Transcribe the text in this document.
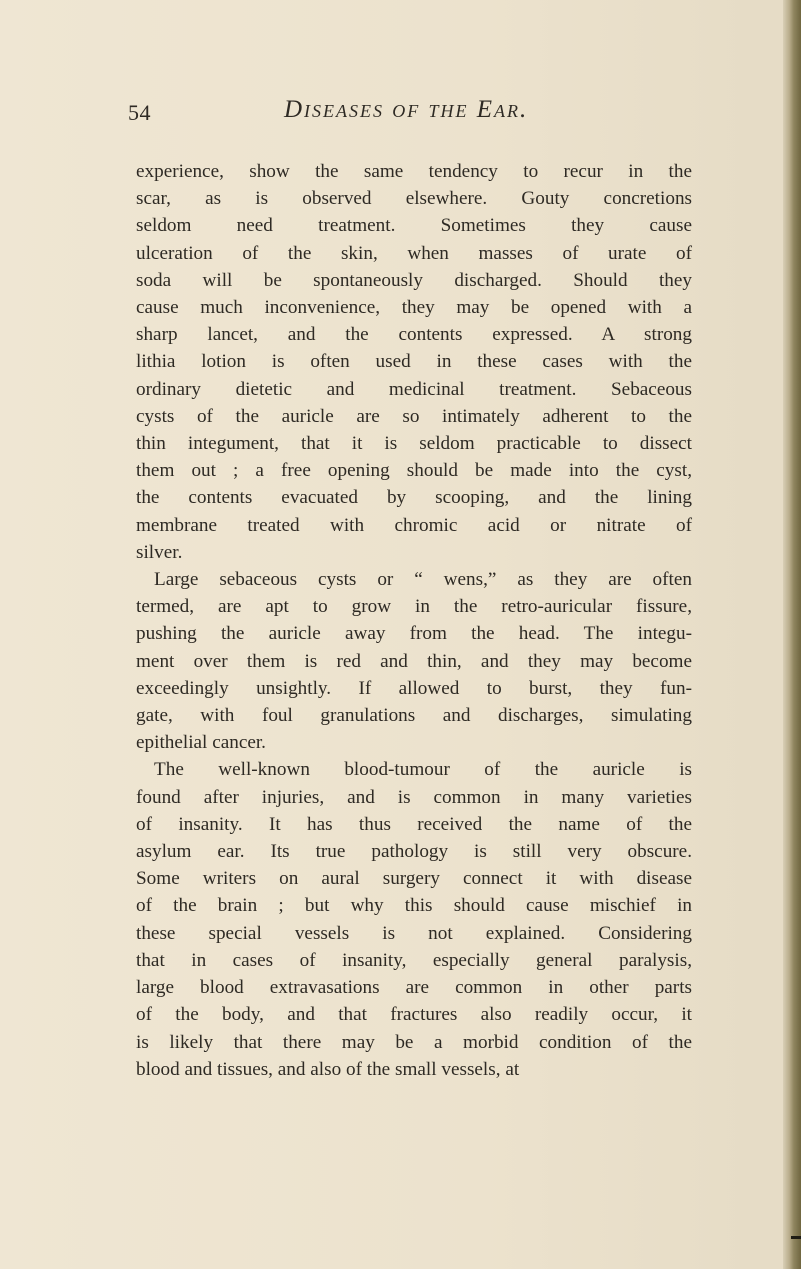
54	Diseases of the Ear.

experience, show the same tendency to recur in the
scar, as is observed elsewhere. Gouty concretions
seldom need treatment. Sometimes they cause
ulceration of the skin, when masses of urate of
soda will be spontaneously discharged. Should they
cause much inconvenience, they may be opened with a
sharp lancet, and the contents expressed. A strong
lithia lotion is often used in these cases with the
ordinary dietetic and medicinal treatment. Sebaceous
cysts of the auricle are so intimately adherent to the
thin integument, that it is seldom practicable to dissect
them out ; a free opening should be made into the cyst,
the contents evacuated by scooping, and the lining
membrane treated with chromic acid or nitrate of
silver.

Large sebaceous cysts or “ wens,” as they are often
termed, are apt to grow in the retro-auricular fissure,
pushing the auricle away from the head. The integu-
ment over them is red and thin, and they may become
exceedingly unsightly. If allowed to burst, they fun-
gate, with foul granulations and discharges, simulating
epithelial cancer.

The well-known blood-tumour of the auricle is
found after injuries, and is common in many varieties
of insanity. It has thus received the name of the
asylum ear. Its true pathology is still very obscure.
Some writers on aural surgery connect it with disease
of the brain ; but why this should cause mischief in
these special vessels is not explained. Considering
that in cases of insanity, especially general paralysis,
large blood extravasations are common in other parts
of the body, and that fractures also readily occur, it
is likely that there may be a morbid condition of the
blood and tissues, and also of the small vessels, at
